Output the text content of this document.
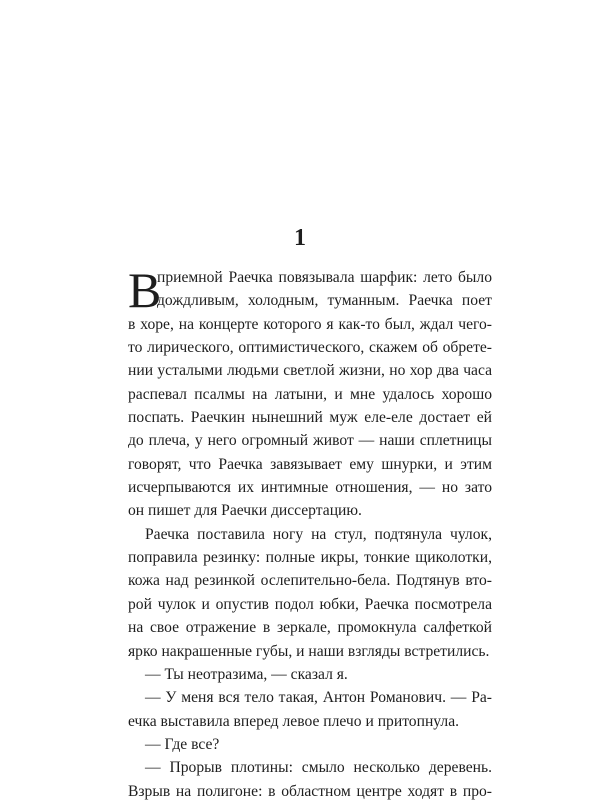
1
В
приемной Раечка повязывала шарфик: лето было
дождливым, холодным, туманным. Раечка поет
в хоре, на концерте которого я как-то был, ждал чего-
то лирического, оптимистического, скажем об обрете-
нии усталыми людьми светлой жизни, но хор два часа
распевал псалмы на латыни, и мне удалось хорошо
поспать. Раечкин нынешний муж еле-еле достает ей
до плеча, у него огромный живот — наши сплетницы
говорят, что Раечка завязывает ему шнурки, и этим
исчерпываются их интимные отношения, — но зато
он пишет для Раечки диссертацию.
Раечка поставила ногу на стул, подтянула чулок,
поправила резинку: полные икры, тонкие щиколотки,
кожа над резинкой ослепительно-бела. Подтянув вто-
рой чулок и опустив подол юбки, Раечка посмотрела
на свое отражение в зеркале, промокнула салфеткой
ярко накрашенные губы, и наши взгляды встретились.
— Ты неотразима, — сказал я.
— У меня вся тело такая, Антон Романович. — Ра-
ечка выставила вперед левое плечо и притопнула.
— Где все?
— Прорыв плотины: смыло несколько деревень.
Взрыв на полигоне: в областном центре ходят в про-
